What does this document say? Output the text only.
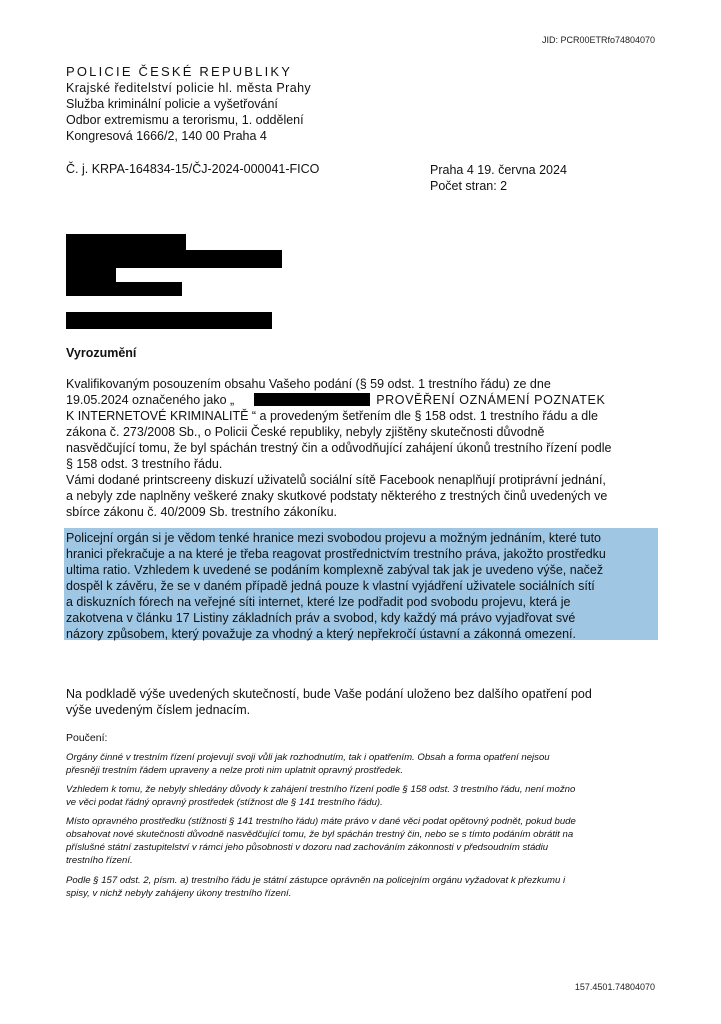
JID: PCR00ETRfo74804070
POLICIE ČESKÉ REPUBLIKY
Krajské ředitelství policie hl. města Prahy
Služba kriminální policie a vyšetřování
Odbor extremismu a terorismu, 1. oddělení
Kongresová 1666/2, 140 00 Praha 4
Č. j. KRPA-164834-15/ČJ-2024-000041-FICO	Praha 4 19. června 2024
Počet stran: 2
Vyrozumění
Kvalifikovaným posouzením obsahu Vašeho podání (§ 59 odst. 1 trestního řádu) ze dne
19.05.2024 označeného jako „	PROVĚŘENÍ OZNÁMENÍ POZNATEK
K INTERNETOVÉ KRIMINALITĚ “ a provedeným šetřením dle § 158 odst. 1 trestního řádu a dle
zákona č. 273/2008 Sb., o Policii České republiky, nebyly zjištěny skutečnosti důvodně
nasvědčující tomu, že byl spáchán trestný čin a odůvodňující zahájení úkonů trestního řízení podle
§ 158 odst. 3 trestního řádu.
Vámi dodané printscreeny diskuzí uživatelů sociální sítě Facebook nenaplňují protiprávní jednání,
a nebyly zde naplněny veškeré znaky skutkové podstaty některého z trestných činů uvedených ve
sbírce zákonu č. 40/2009 Sb. trestního zákoníku.
Policejní orgán si je vědom tenké hranice mezi svobodou projevu a možným jednáním, které tuto
hranici překračuje a na které je třeba reagovat prostřednictvím trestního práva, jakožto prostředku
ultima ratio. Vzhledem k uvedené se podáním komplexně zabýval tak jak je uvedeno výše, načež
dospěl k závěru, že se v daném případě jedná pouze k vlastní vyjádření uživatele sociálních sítí
a diskuzních fórech na veřejné síti internet, které lze podřadit pod svobodu projevu, která je
zakotvena v článku 17 Listiny základních práv a svobod, kdy každý má právo vyjadřovat své
názory způsobem, který považuje za vhodný a který nepřekročí ústavní a zákonná omezení.
Na podkladě výše uvedených skutečností, bude Vaše podání uloženo bez dalšího opatření pod
výše uvedeným číslem jednacím.
Poučení:
Orgány činné v trestním řízení projevují svoji vůli jak rozhodnutím, tak i opatřením. Obsah a forma opatření nejsou
přesněji trestním řádem upraveny a nelze proti nim uplatnit opravný prostředek.
Vzhledem k tomu, že nebyly shledány důvody k zahájení trestního řízení podle § 158 odst. 3 trestního řádu, není možno
ve věci podat řádný opravný prostředek (stížnost dle § 141 trestního řádu).
Místo opravného prostředku (stížnosti § 141 trestního řádu) máte právo v dané věci podat opětovný podnět, pokud bude
obsahovat nové skutečnosti důvodně nasvědčující tomu, že byl spáchán trestný čin, nebo se s tímto podáním obrátit na
příslušné státní zastupitelství v rámci jeho působnosti v dozoru nad zachováním zákonnosti v předsoudním stádiu
trestního řízení.
Podle § 157 odst. 2, písm. a) trestního řádu je státní zástupce oprávněn na policejním orgánu vyžadovat k přezkumu i
spisy, v nichž nebyly zahájeny úkony trestního řízení.
157.4501.74804070
